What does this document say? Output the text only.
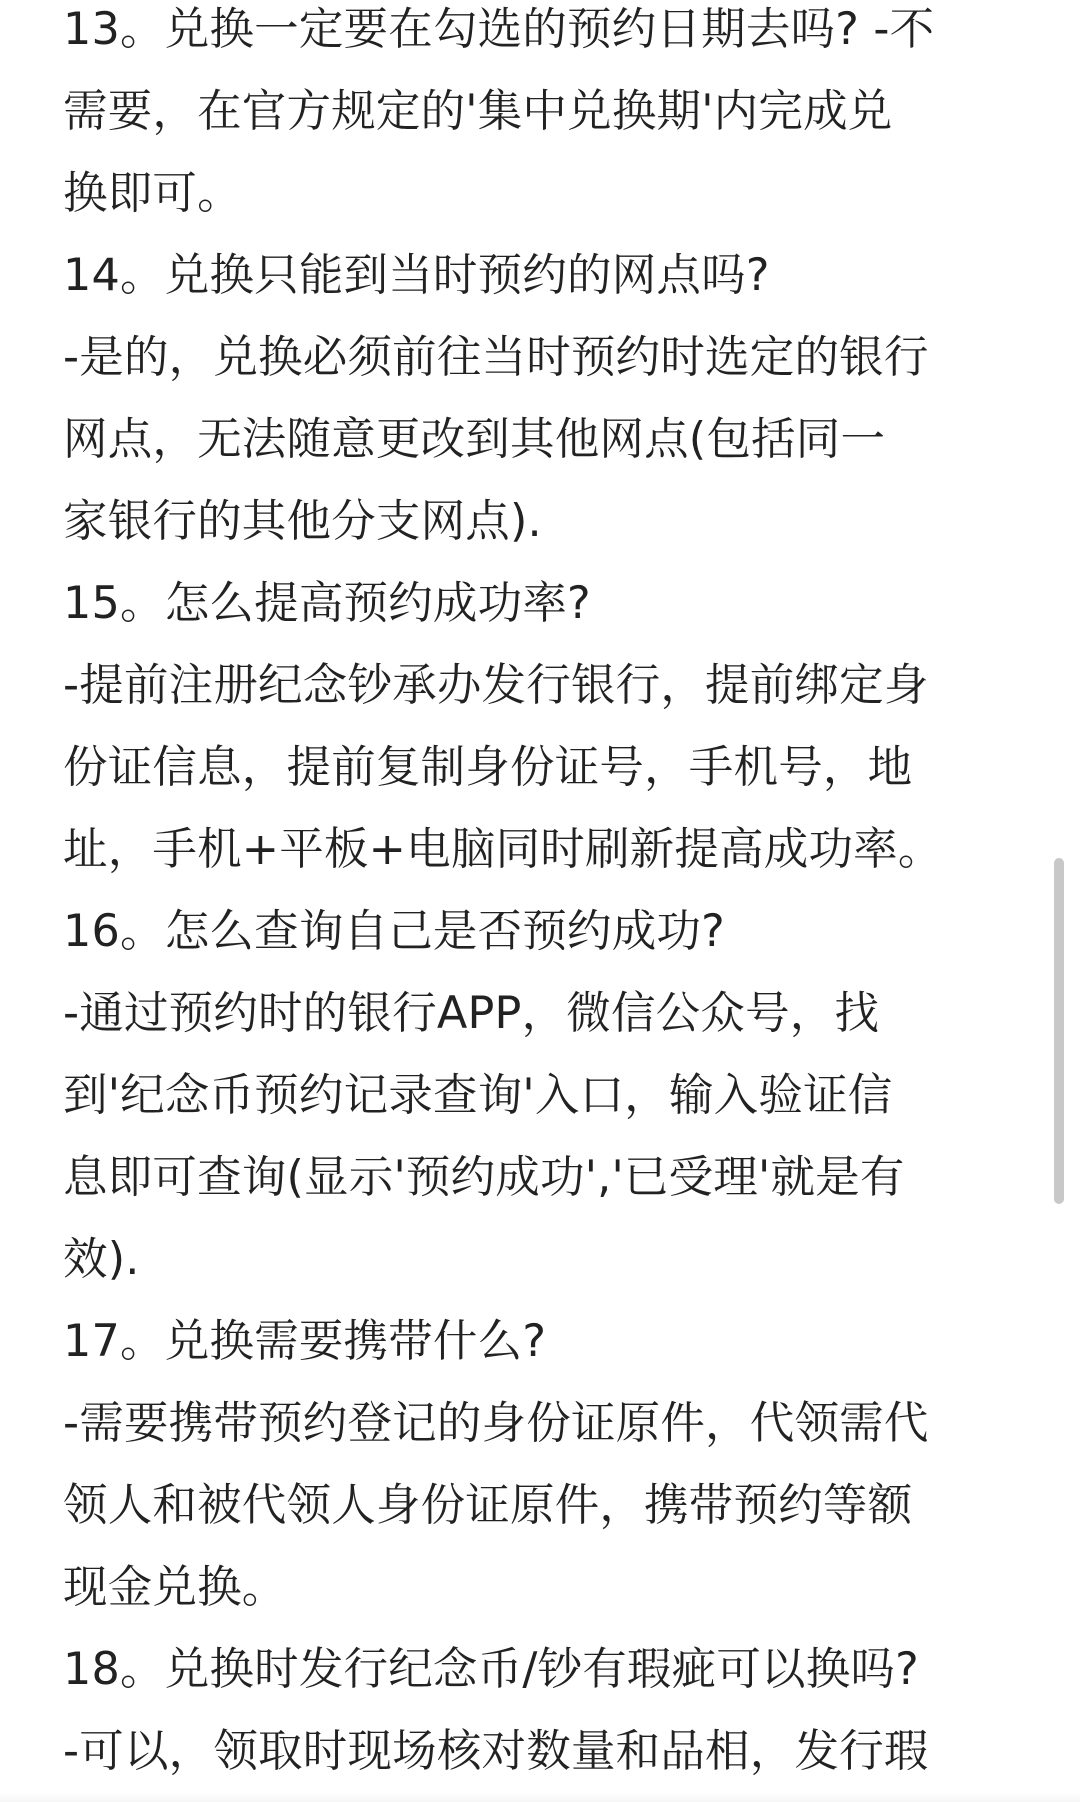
13。兑换一定要在勾选的预约日期去吗? -不
需要，在官方规定的'集中兑换期'内完成兑
换即可。
14。兑换只能到当时预约的网点吗?
-是的，兑换必须前往当时预约时选定的银行
网点，无法随意更改到其他网点(包括同一
家银行的其他分支网点).
15。怎么提高预约成功率?
-提前注册纪念钞承办发行银行，提前绑定身
份证信息，提前复制身份证号，手机号，地
址，手机+平板+电脑同时刷新提高成功率。
16。怎么查询自己是否预约成功?
-通过预约时的银行APP，微信公众号，找
到'纪念币预约记录查询'入口，输入验证信
息即可查询(显示'预约成功','已受理'就是有
效).
17。兑换需要携带什么?
-需要携带预约登记的身份证原件，代领需代
领人和被代领人身份证原件，携带预约等额
现金兑换。
18。兑换时发行纪念币/钞有瑕疵可以换吗?
-可以，领取时现场核对数量和品相，发行瑕
